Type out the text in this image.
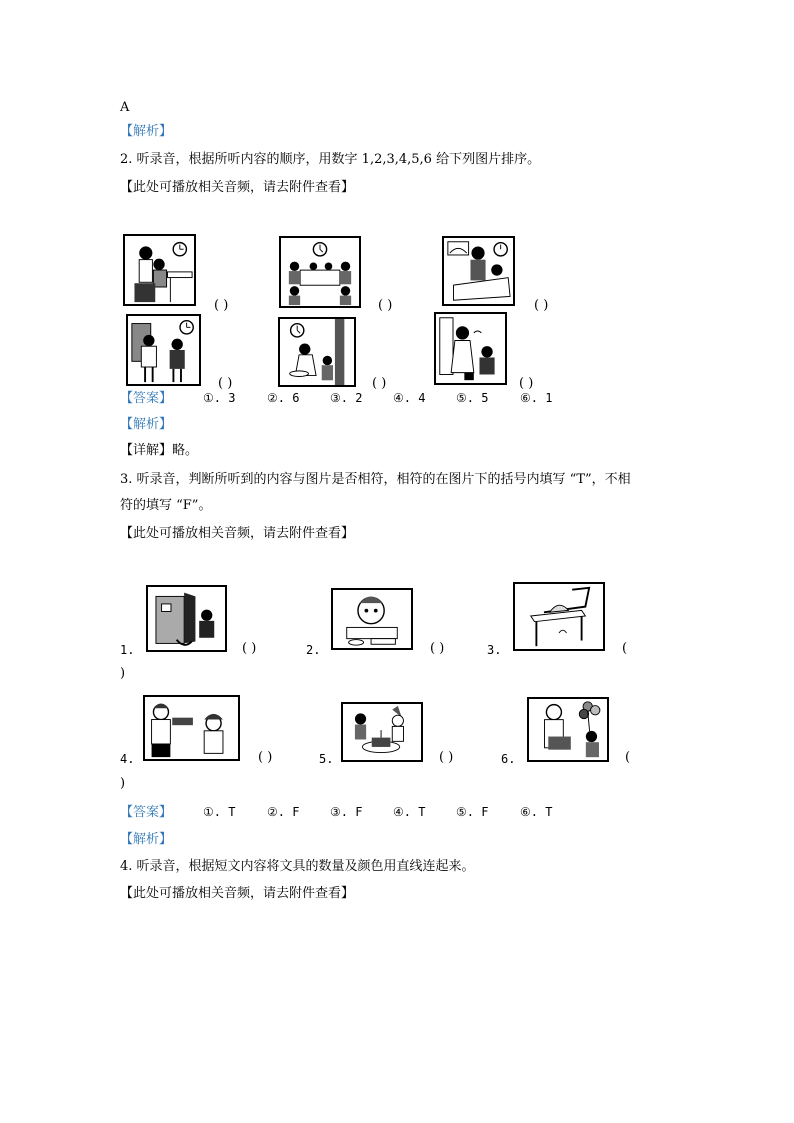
A
【解析】
2. 听录音，根据所听内容的顺序，用数字 1,2,3,4,5,6 给下列图片排序。
【此处可播放相关音频，请去附件查看】
( )	( )	( )
( )	( )	( )
【答案】	①. 3	②. 6	③. 2	④. 4	⑤. 5	⑥. 1
【解析】
【详解】略。
3. 听录音，判断所听到的内容与图片是否相符，相符的在图片下的括号内填写 “T”，不相
符的填写 “F”。
【此处可播放相关音频，请去附件查看】
1.	( )	2.	( )	3.	(
)
4.	( )	5.	( )	6.	(
)
【答案】	①. T	②. F	③. F	④. T	⑤. F	⑥. T
【解析】
4. 听录音，根据短文内容将文具的数量及颜色用直线连起来。
【此处可播放相关音频，请去附件查看】
